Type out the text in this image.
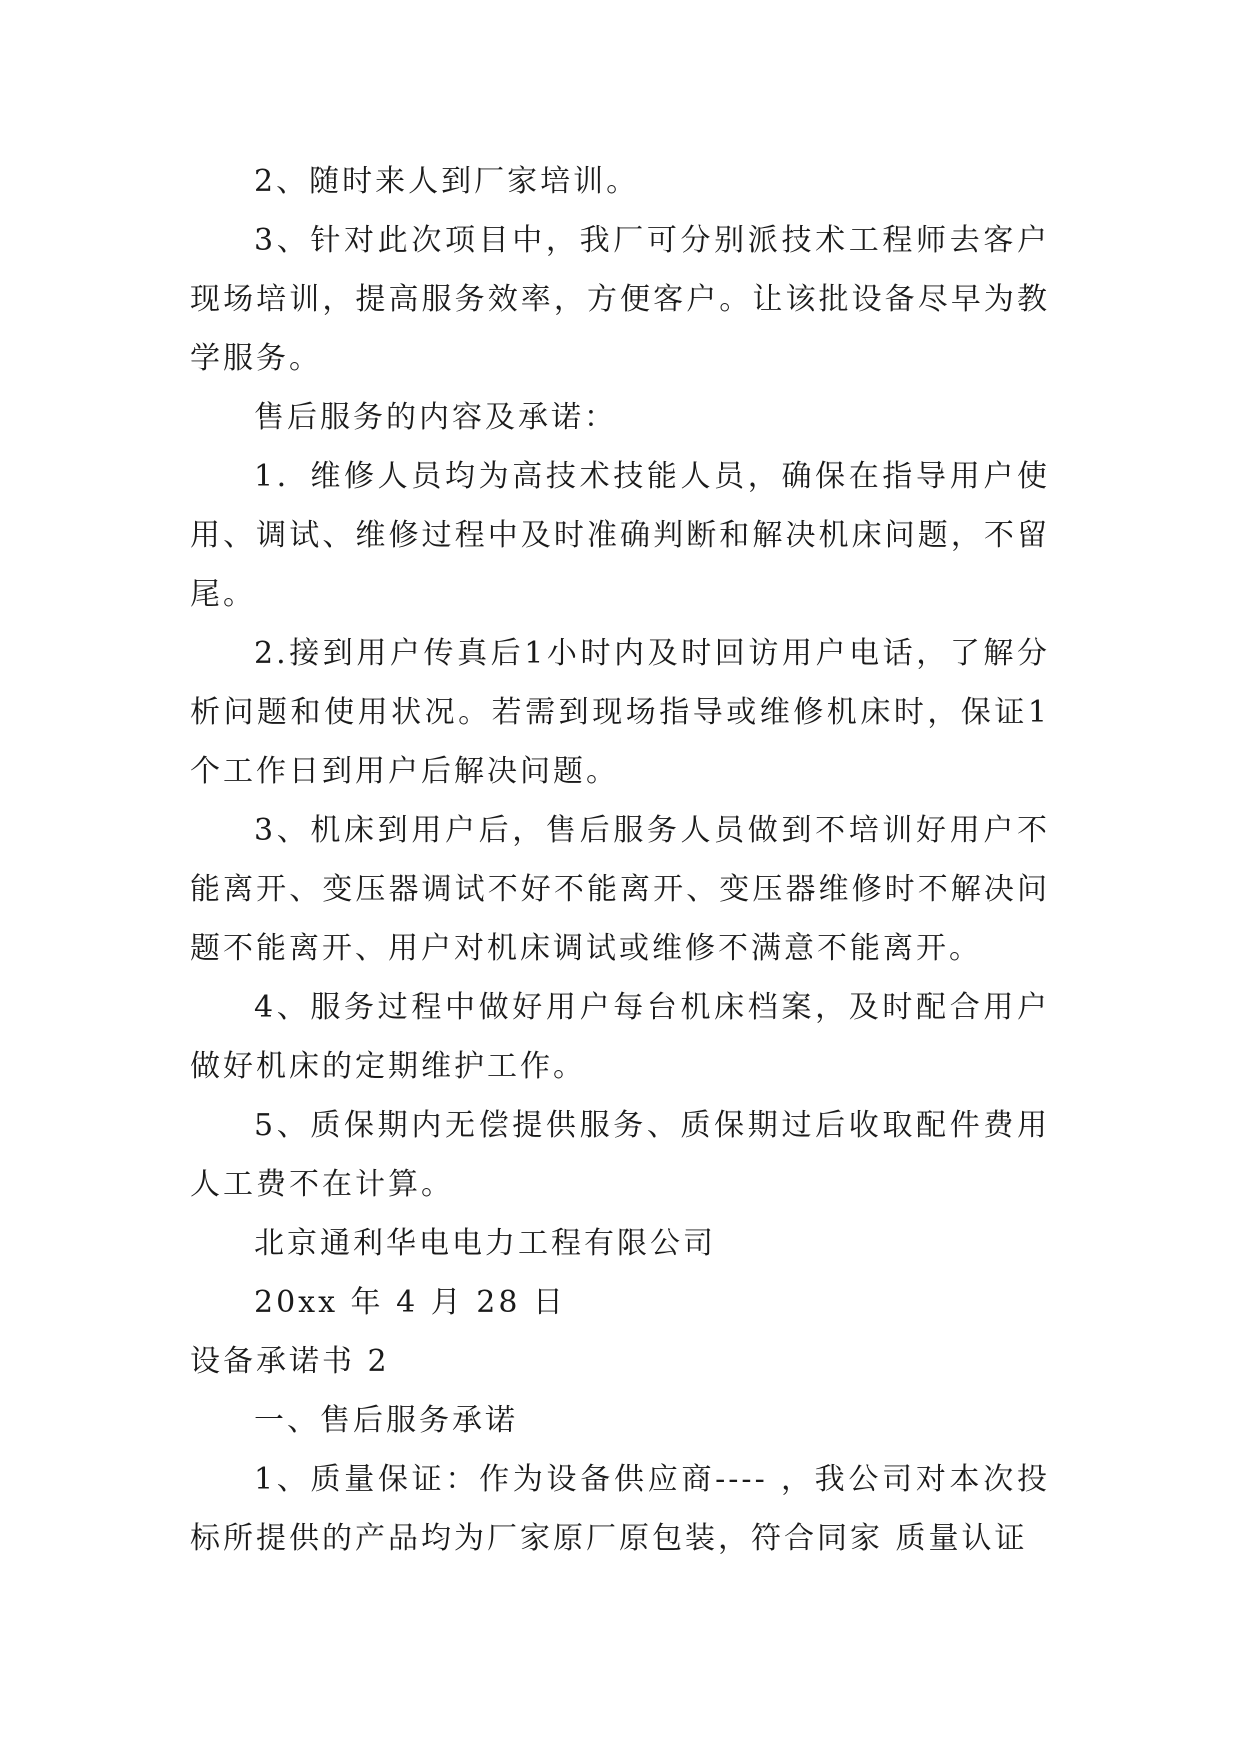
2、随时来人到厂家培训。

3、针对此次项目中，我厂可分别派技术工程师去客户现场培训，提高服务效率，方便客户。让该批设备尽早为教学服务。

售后服务的内容及承诺：

1．维修人员均为高技术技能人员，确保在指导用户使用、调试、维修过程中及时准确判断和解决机床问题，不留尾。

2.接到用户传真后1小时内及时回访用户电话，了解分析问题和使用状况。若需到现场指导或维修机床时，保证1个工作日到用户后解决问题。

3、机床到用户后，售后服务人员做到不培训好用户不能离开、变压器调试不好不能离开、变压器维修时不解决问题不能离开、用户对机床调试或维修不满意不能离开。

4、服务过程中做好用户每台机床档案，及时配合用户做好机床的定期维护工作。

5、质保期内无偿提供服务、质保期过后收取配件费用人工费不在计算。

北京通利华电电力工程有限公司

20xx 年 4 月 28 日

设备承诺书 2

一、售后服务承诺

1、质量保证：作为设备供应商---- ，我公司对本次投标所提供的产品均为厂家原厂原包装，符合同家 质量认证
